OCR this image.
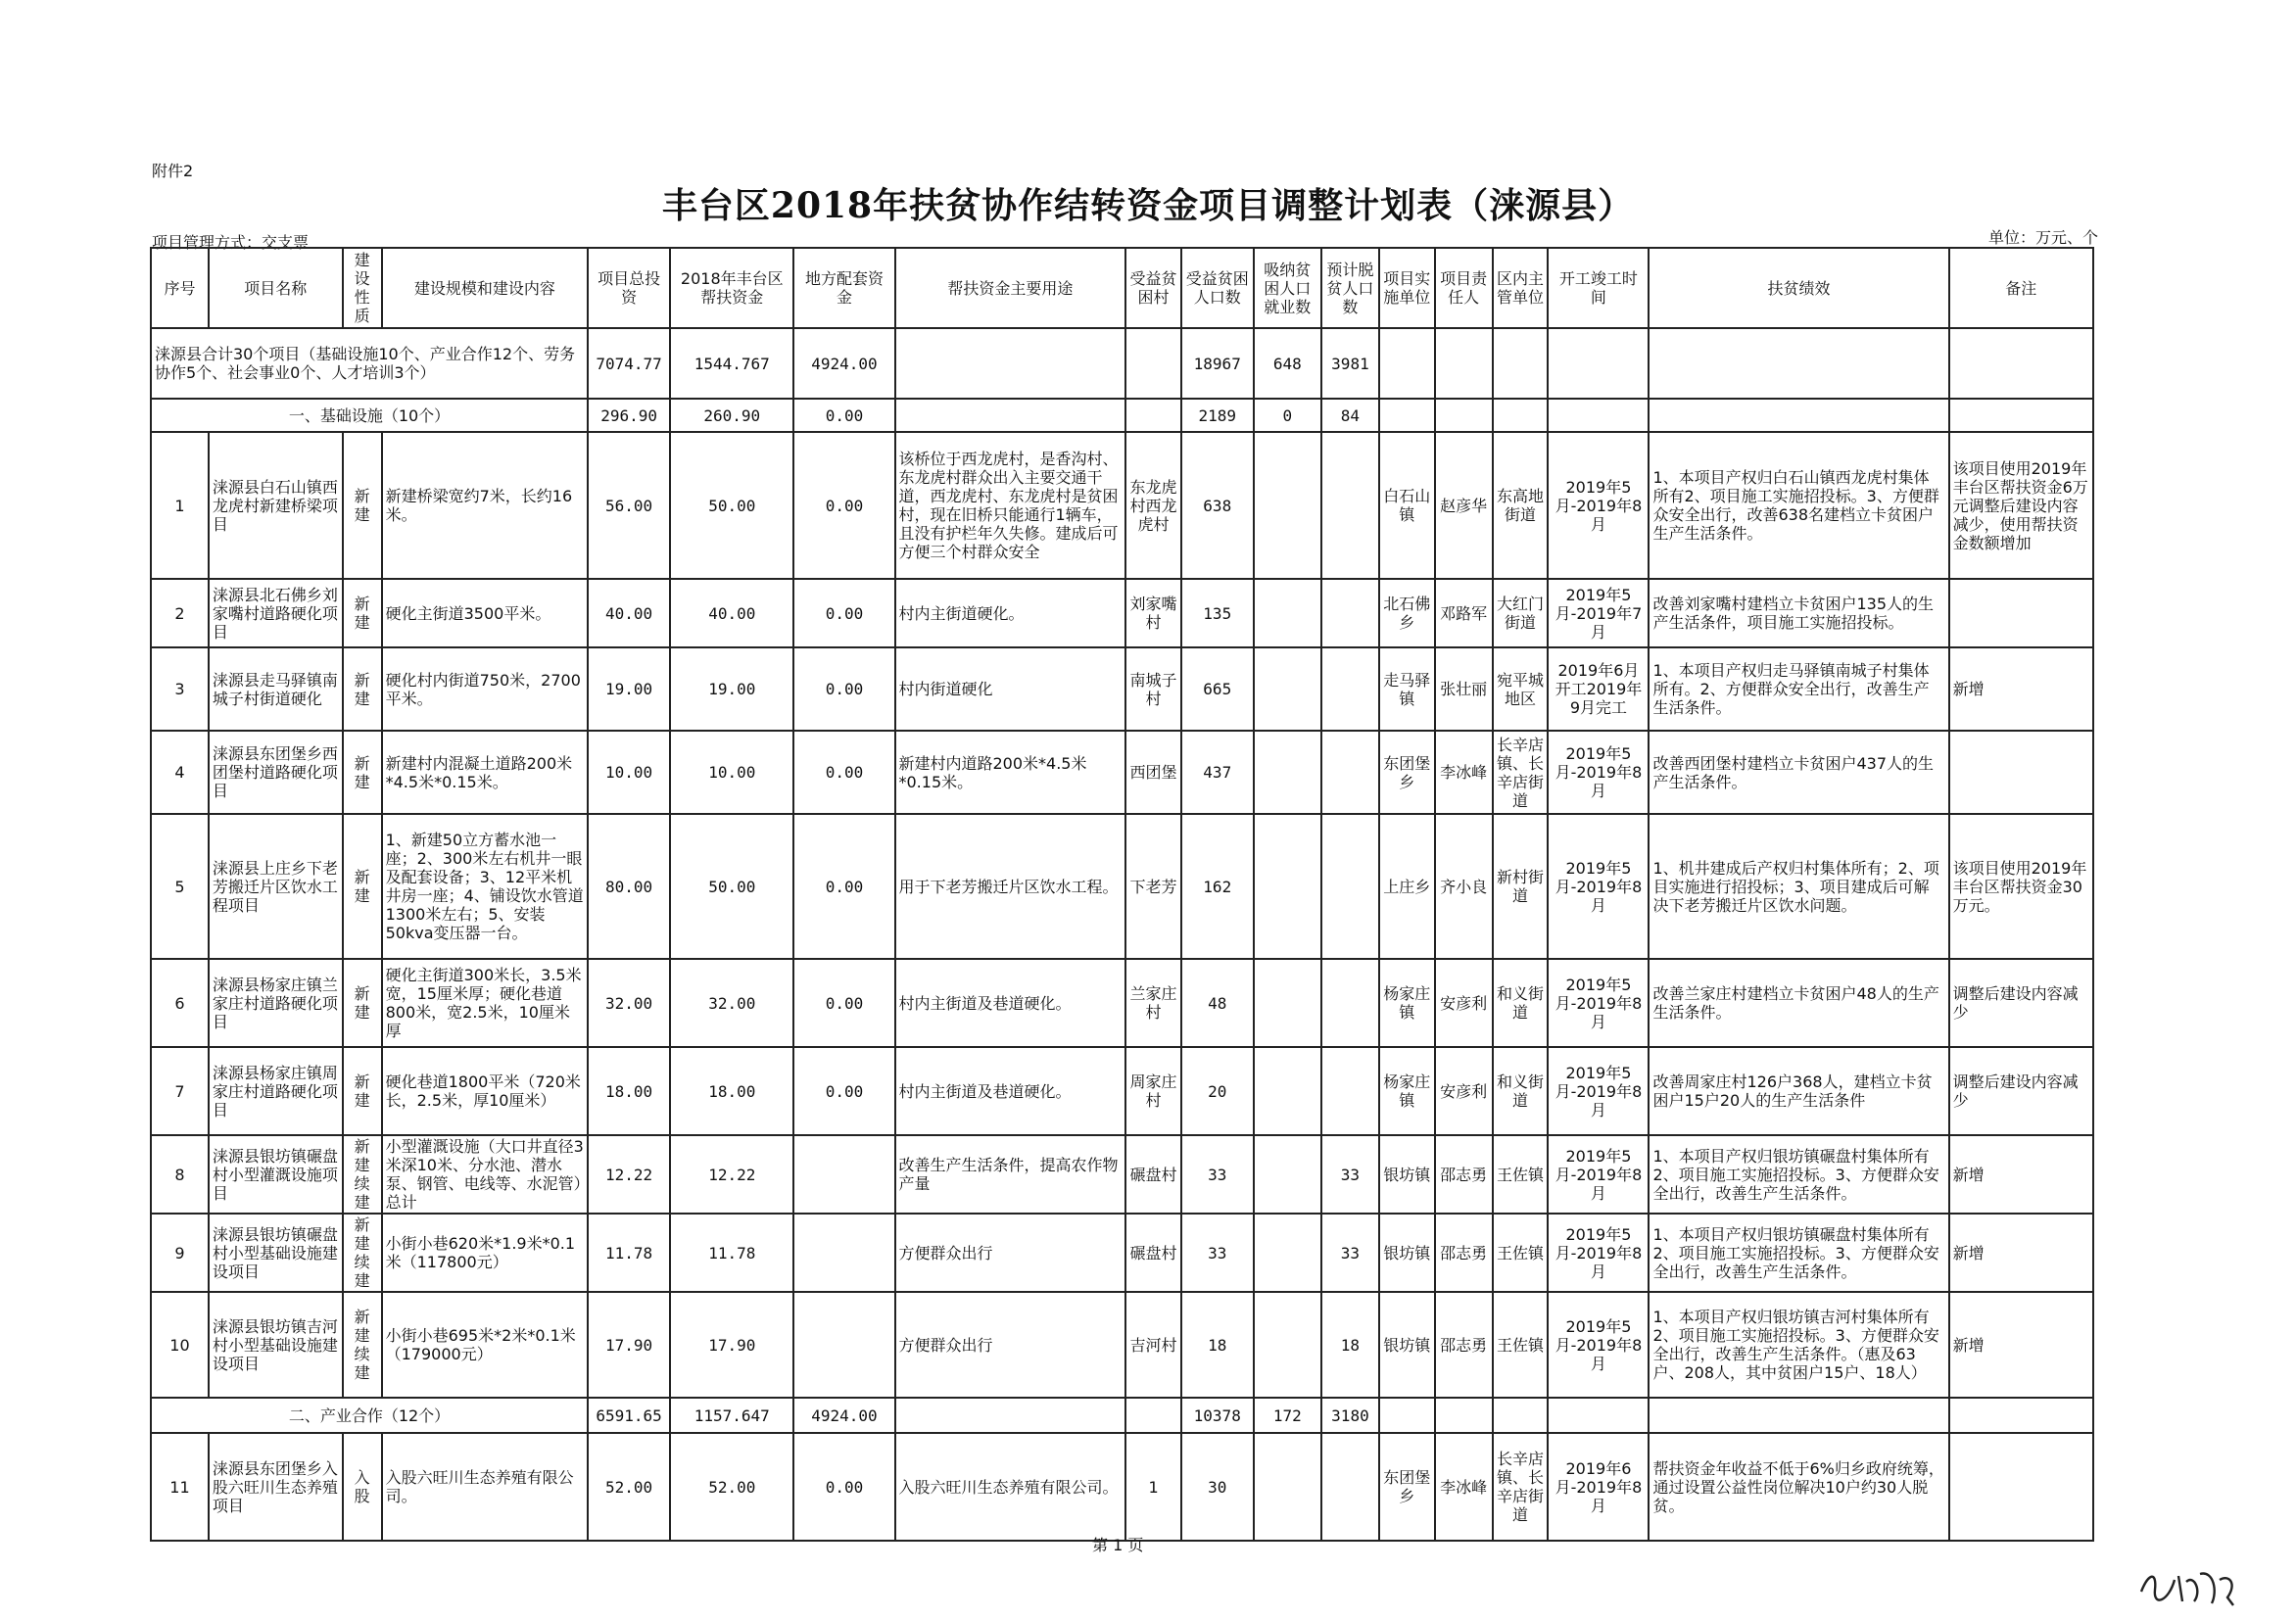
附件2
丰台区2018年扶贫协作结转资金项目调整计划表（涞源县）
项目管理方式：交支票	单位：万元、个
序号	项目名称	建设性质	建设规模和建设内容	项目总投资	2018年丰台区帮扶资金	地方配套资金	帮扶资金主要用途	受益贫困村	受益贫困人口数	吸纳贫困人口就业数	预计脱贫人口数	项目实施单位	项目责任人	区内主管单位	开工竣工时间	扶贫绩效	备注
涞源县合计30个项目（基础设施10个、产业合作12个、劳务协作5个、社会事业0个、人才培训3个）				7074.77	1544.767	4924.00			18967	648	3981						
一、基础设施（10个）				296.90	260.90	0.00			2189	0	84						
1	涞源县白石山镇西龙虎村新建桥梁项目	新建	新建桥梁宽约7米，长约16米。	56.00	50.00	0.00	该桥位于西龙虎村，是香沟村、东龙虎村群众出入主要交通干道，西龙虎村、东龙虎村是贫困村，现在旧桥只能通行1辆车，且没有护栏年久失修。建成后可方便三个村群众安全	东龙虎村西龙虎村	638			白石山镇	赵彦华	东高地街道	2019年5月-2019年8月	1、本项目产权归白石山镇西龙虎村集体所有2、项目施工实施招投标。3、方便群众安全出行，改善638名建档立卡贫困户生产生活条件。	该项目使用2019年丰台区帮扶资金6万元调整后建设内容减少，使用帮扶资金数额增加
2	涞源县北石佛乡刘家嘴村道路硬化项目	新建	硬化主街道3500平米。	40.00	40.00	0.00	村内主街道硬化。	刘家嘴村	135			北石佛乡	邓路军	大红门街道	2019年5月-2019年7月	改善刘家嘴村建档立卡贫困户135人的生产生活条件，项目施工实施招投标。	
3	涞源县走马驿镇南城子村街道硬化	新建	硬化村内街道750米，2700平米。	19.00	19.00	0.00	村内街道硬化	南城子村	665			走马驿镇	张壮丽	宛平城地区	2019年6月开工2019年9月完工	1、本项目产权归走马驿镇南城子村集体所有。2、方便群众安全出行，改善生产生活条件。	新增
4	涞源县东团堡乡西团堡村道路硬化项目	新建	新建村内混凝土道路200米*4.5米*0.15米。	10.00	10.00	0.00	新建村内道路200米*4.5米*0.15米。	西团堡	437			东团堡乡	李冰峰	长辛店镇、长辛店街道	2019年5月-2019年8月	改善西团堡村建档立卡贫困户437人的生产生活条件。	
5	涞源县上庄乡下老芳搬迁片区饮水工程项目	新建	1、新建50立方蓄水池一座；2、300米左右机井一眼及配套设备；3、12平米机井房一座；4、铺设饮水管道1300米左右；5、安装50kva变压器一台。	80.00	50.00	0.00	用于下老芳搬迁片区饮水工程。	下老芳	162			上庄乡	齐小良	新村街道	2019年5月-2019年8月	1、机井建成后产权归村集体所有；2、项目实施进行招投标；3、项目建成后可解决下老芳搬迁片区饮水问题。	该项目使用2019年丰台区帮扶资金30万元。
6	涞源县杨家庄镇兰家庄村道路硬化项目	新建	硬化主街道300米长，3.5米宽，15厘米厚；硬化巷道800米，宽2.5米，10厘米厚	32.00	32.00	0.00	村内主街道及巷道硬化。	兰家庄村	48			杨家庄镇	安彦利	和义街道	2019年5月-2019年8月	改善兰家庄村建档立卡贫困户48人的生产生活条件。	调整后建设内容减少
7	涞源县杨家庄镇周家庄村道路硬化项目	新建	硬化巷道1800平米（720米长，2.5米，厚10厘米）	18.00	18.00	0.00	村内主街道及巷道硬化。	周家庄村	20			杨家庄镇	安彦利	和义街道	2019年5月-2019年8月	改善周家庄村126户368人，建档立卡贫困户15户20人的生产生活条件	调整后建设内容减少
8	涞源县银坊镇碾盘村小型灌溉设施项目	新建续建	小型灌溉设施（大口井直径3米深10米、分水池、潜水泵、钢管、电线等、水泥管）总计	12.22	12.22		改善生产生活条件，提高农作物产量	碾盘村	33		33	银坊镇	邵志勇	王佐镇	2019年5月-2019年8月	1、本项目产权归银坊镇碾盘村集体所有2、项目施工实施招投标。3、方便群众安全出行，改善生产生活条件。	新增
9	涞源县银坊镇碾盘村小型基础设施建设项目	新建续建	小街小巷620米*1.9米*0.1米（117800元）	11.78	11.78		方便群众出行	碾盘村	33		33	银坊镇	邵志勇	王佐镇	2019年5月-2019年8月	1、本项目产权归银坊镇碾盘村集体所有2、项目施工实施招投标。3、方便群众安全出行，改善生产生活条件。	新增
10	涞源县银坊镇吉河村小型基础设施建设项目	新建续建	小街小巷695米*2米*0.1米（179000元）	17.90	17.90		方便群众出行	吉河村	18		18	银坊镇	邵志勇	王佐镇	2019年5月-2019年8月	1、本项目产权归银坊镇吉河村集体所有2、项目施工实施招投标。3、方便群众安全出行，改善生产生活条件。（惠及63户、208人，其中贫困户15户、18人）	新增
二、产业合作（12个）				6591.65	1157.647	4924.00			10378	172	3180						
11	涞源县东团堡乡入股六旺川生态养殖项目	入股	入股六旺川生态养殖有限公司。	52.00	52.00	0.00	入股六旺川生态养殖有限公司。	1	30			东团堡乡	李冰峰	长辛店镇、长辛店街道	2019年6月-2019年8月	帮扶资金年收益不低于6%归乡政府统筹，通过设置公益性岗位解决10户约30人脱贫。	
第 1 页
